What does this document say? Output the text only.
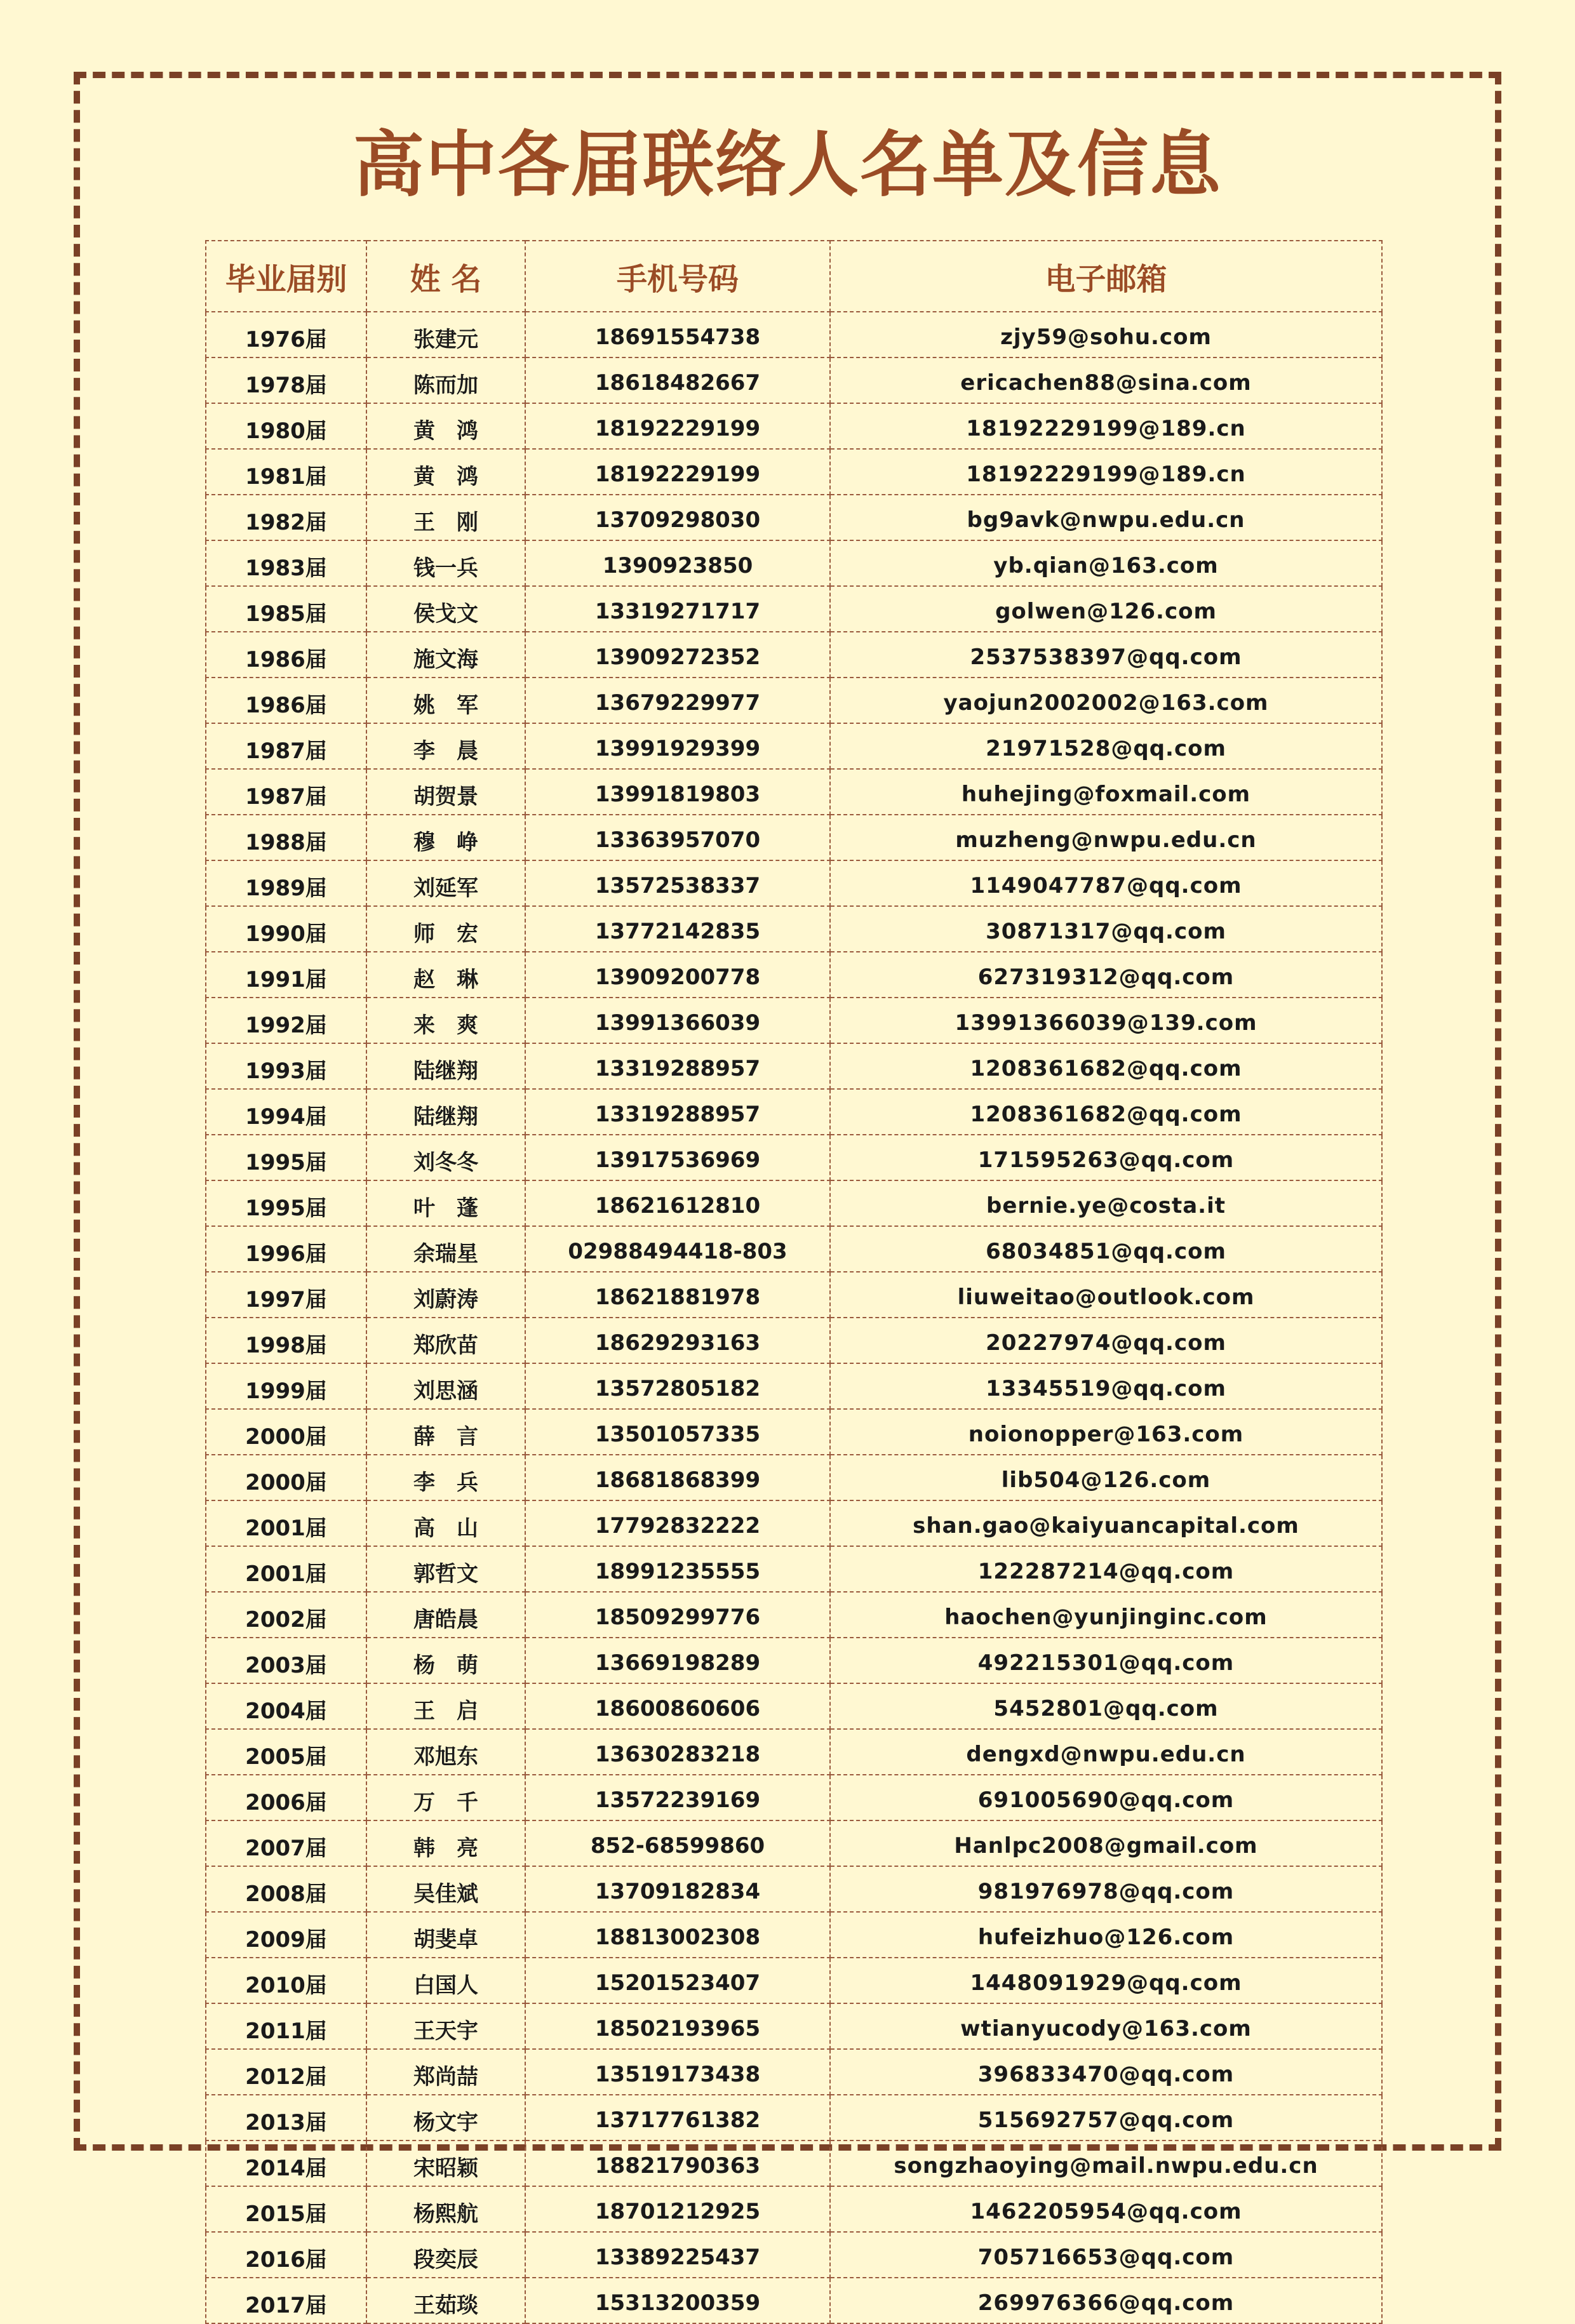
高中各届联络人名单及信息
毕业届别	姓 名	手机号码	电子邮箱
1976届	张建元	18691554738	zjy59@sohu.com
1978届	陈而加	18618482667	ericachen88@sina.com
1980届	黄　鸿	18192229199	18192229199@189.cn
1981届	黄　鸿	18192229199	18192229199@189.cn
1982届	王　刚	13709298030	bg9avk@nwpu.edu.cn
1983届	钱一兵	1390923850	yb.qian@163.com
1985届	侯戈文	13319271717	golwen@126.com
1986届	施文海	13909272352	2537538397@qq.com
1986届	姚　军	13679229977	yaojun2002002@163.com
1987届	李　晨	13991929399	21971528@qq.com
1987届	胡贺景	13991819803	huhejing@foxmail.com
1988届	穆　峥	13363957070	muzheng@nwpu.edu.cn
1989届	刘延军	13572538337	1149047787@qq.com
1990届	师　宏	13772142835	30871317@qq.com
1991届	赵　琳	13909200778	627319312@qq.com
1992届	来　爽	13991366039	13991366039@139.com
1993届	陆继翔	13319288957	1208361682@qq.com
1994届	陆继翔	13319288957	1208361682@qq.com
1995届	刘冬冬	13917536969	171595263@qq.com
1995届	叶　蓬	18621612810	bernie.ye@costa.it
1996届	余瑞星	02988494418-803	68034851@qq.com
1997届	刘蔚涛	18621881978	liuweitao@outlook.com
1998届	郑欣苗	18629293163	20227974@qq.com
1999届	刘思涵	13572805182	13345519@qq.com
2000届	薛　言	13501057335	noionopper@163.com
2000届	李　兵	18681868399	lib504@126.com
2001届	高　山	17792832222	shan.gao@kaiyuancapital.com
2001届	郭哲文	18991235555	122287214@qq.com
2002届	唐皓晨	18509299776	haochen@yunjinginc.com
2003届	杨　萌	13669198289	492215301@qq.com
2004届	王　启	18600860606	5452801@qq.com
2005届	邓旭东	13630283218	dengxd@nwpu.edu.cn
2006届	万　千	13572239169	691005690@qq.com
2007届	韩　亮	852-68599860	Hanlpc2008@gmail.com
2008届	吴佳斌	13709182834	981976978@qq.com
2009届	胡斐卓	18813002308	hufeizhuo@126.com
2010届	白国人	15201523407	1448091929@qq.com
2011届	王天宇	18502193965	wtianyucody@163.com
2012届	郑尚喆	13519173438	396833470@qq.com
2013届	杨文宇	13717761382	515692757@qq.com
2014届	宋昭颖	18821790363	songzhaoying@mail.nwpu.edu.cn
2015届	杨熙航	18701212925	1462205954@qq.com
2016届	段奕辰	13389225437	705716653@qq.com
2017届	王茹琰	15313200359	269976366@qq.com
